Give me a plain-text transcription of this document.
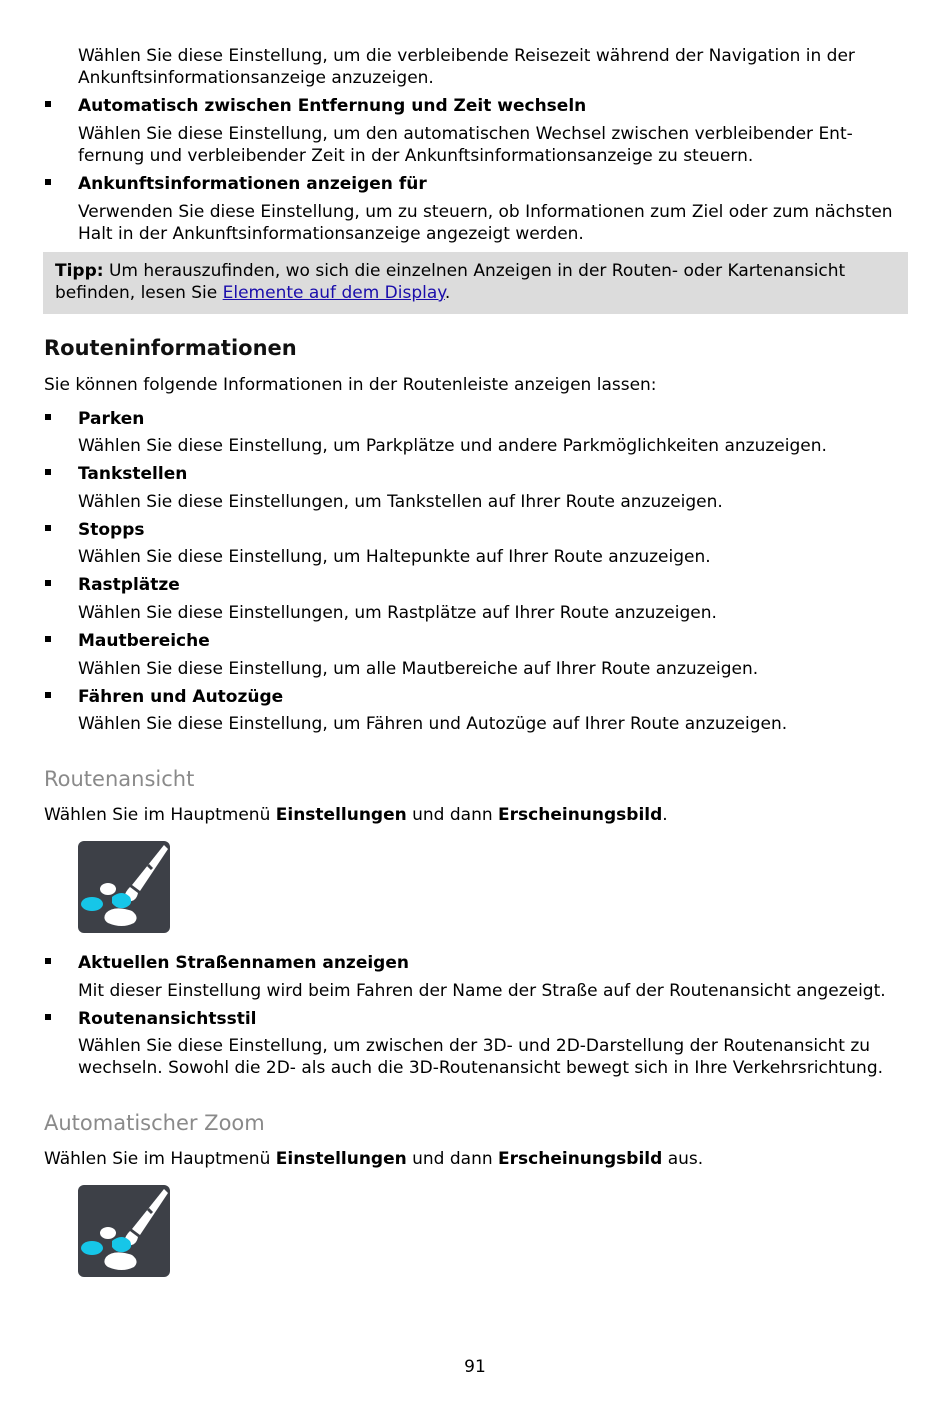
Wählen Sie diese Einstellung, um die verbleibende Reisezeit während der Navigation in der
Ankunftsinformationsanzeige anzuzeigen.
Automatisch zwischen Entfernung und Zeit wechseln
Wählen Sie diese Einstellung, um den automatischen Wechsel zwischen verbleibender Ent-
fernung und verbleibender Zeit in der Ankunftsinformationsanzeige zu steuern.
Ankunftsinformationen anzeigen für
Verwenden Sie diese Einstellung, um zu steuern, ob Informationen zum Ziel oder zum nächsten
Halt in der Ankunftsinformationsanzeige angezeigt werden.
Tipp: Um herauszufinden, wo sich die einzelnen Anzeigen in der Routen- oder Kartenansicht
befinden, lesen Sie Elemente auf dem Display.
Routeninformationen
Sie können folgende Informationen in der Routenleiste anzeigen lassen:
Parken
Wählen Sie diese Einstellung, um Parkplätze und andere Parkmöglichkeiten anzuzeigen.
Tankstellen
Wählen Sie diese Einstellungen, um Tankstellen auf Ihrer Route anzuzeigen.
Stopps
Wählen Sie diese Einstellung, um Haltepunkte auf Ihrer Route anzuzeigen.
Rastplätze
Wählen Sie diese Einstellungen, um Rastplätze auf Ihrer Route anzuzeigen.
Mautbereiche
Wählen Sie diese Einstellung, um alle Mautbereiche auf Ihrer Route anzuzeigen.
Fähren und Autozüge
Wählen Sie diese Einstellung, um Fähren und Autozüge auf Ihrer Route anzuzeigen.
Routenansicht
Wählen Sie im Hauptmenü Einstellungen und dann Erscheinungsbild.
Aktuellen Straßennamen anzeigen
Mit dieser Einstellung wird beim Fahren der Name der Straße auf der Routenansicht angezeigt.
Routenansichtsstil
Wählen Sie diese Einstellung, um zwischen der 3D- und 2D-Darstellung der Routenansicht zu
wechseln. Sowohl die 2D- als auch die 3D-Routenansicht bewegt sich in Ihre Verkehrsrichtung.
Automatischer Zoom
Wählen Sie im Hauptmenü Einstellungen und dann Erscheinungsbild aus.
91
